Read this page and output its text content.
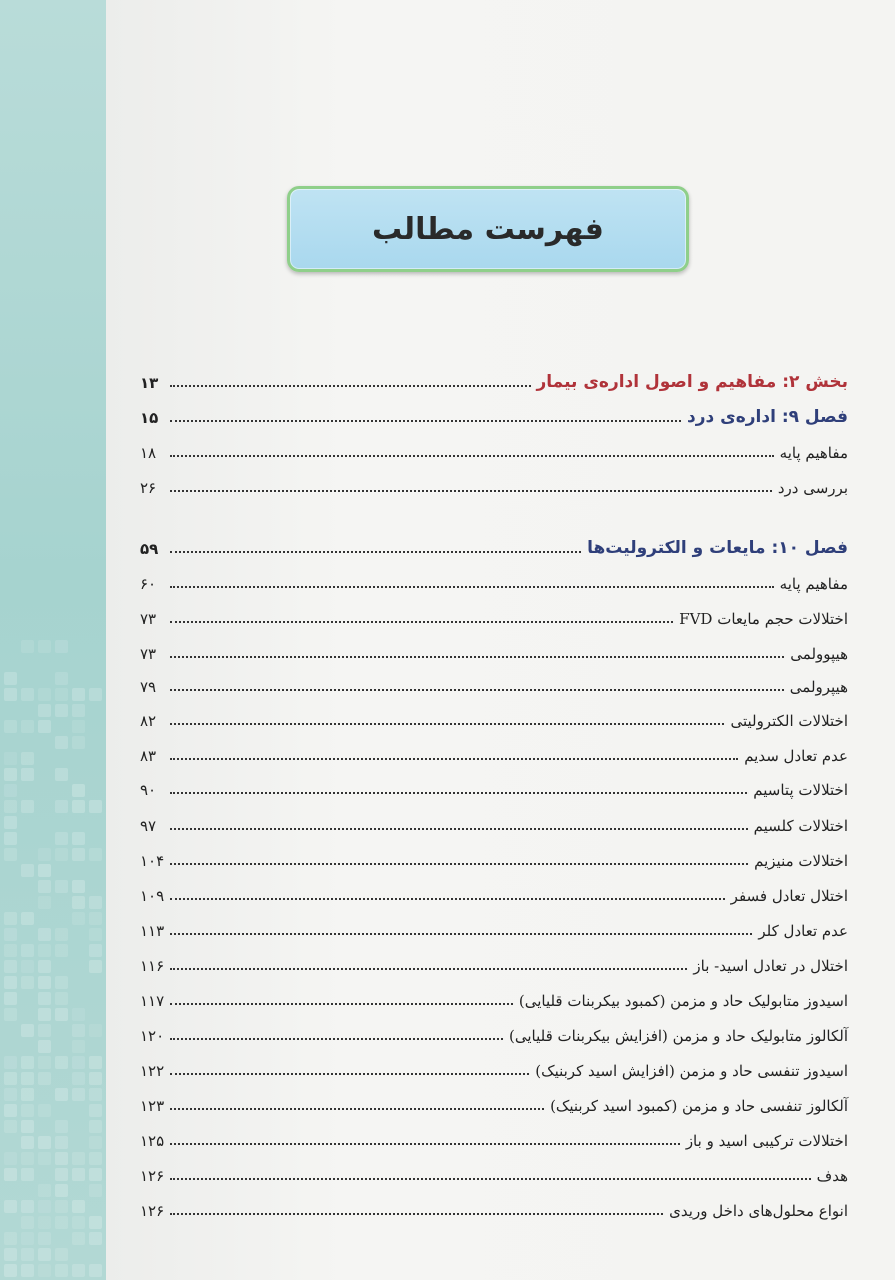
فهرست مطالب
بخش ۲: مفاهیم و اصول اداره‌ی بیمار
۱۳
فصل ۹: اداره‌ی درد
۱۵
مفاهیم پایه
۱۸
بررسی درد
۲۶
فصل ۱۰: مایعات و الکترولیت‌ها
۵۹
مفاهیم پایه
۶۰
اختلالات حجم مایعات FVD
۷۳
هیپوولمی
۷۳
هیپرولمی
۷۹
اختلالات الکترولیتی
۸۲
عدم تعادل سدیم
۸۳
اختلالات پتاسیم
۹۰
اختلالات کلسیم
۹۷
اختلالات منیزیم
۱۰۴
اختلال تعادل فسفر
۱۰۹
عدم تعادل کلر
۱۱۳
اختلال در تعادل اسید- باز
۱۱۶
اسیدوز متابولیک حاد و مزمن (کمبود بیکربنات قلیایی)
۱۱۷
آلکالوز متابولیک حاد و مزمن (افزایش بیکربنات قلیایی)
۱۲۰
اسیدوز تنفسی حاد و مزمن (افزایش اسید کربنیک)
۱۲۲
آلکالوز تنفسی حاد و مزمن (کمبود اسید کربنیک)
۱۲۳
اختلالات ترکیبی اسید و باز
۱۲۵
هدف
۱۲۶
انواع محلول‌های داخل وریدی
۱۲۶
